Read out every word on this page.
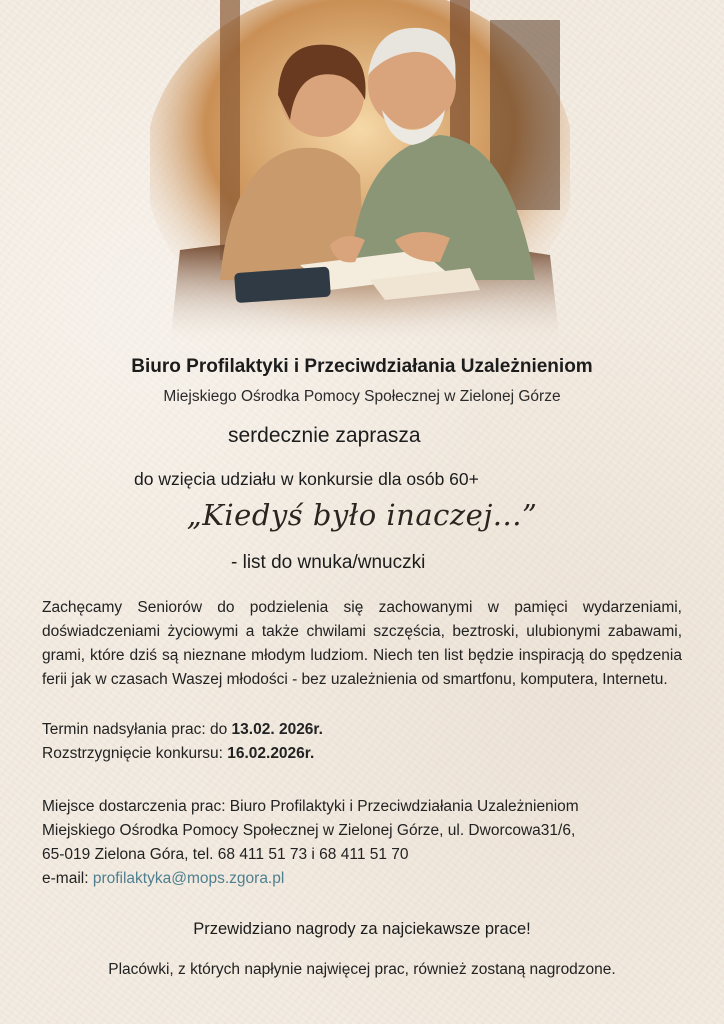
Biuro Profilaktyki i Przeciwdziałania Uzależnieniom
Miejskiego Ośrodka Pomocy Społecznej w Zielonej Górze
serdecznie zaprasza
do wzięcia udziału w konkursie dla osób 60+
„Kiedyś było inaczej...”
- list do wnuka/wnuczki
Zachęcamy Seniorów do podzielenia się zachowanymi w pamięci wydarzeniami, doświadczeniami życiowymi a także chwilami szczęścia, beztroski, ulubionymi zabawami, grami, które dziś są nieznane młodym ludziom. Niech ten list będzie inspiracją do spędzenia ferii jak w czasach Waszej młodości - bez uzależnienia od smartfonu, komputera, Internetu.
Termin nadsyłania prac: do 13.02. 2026r.
Rozstrzygnięcie konkursu: 16.02.2026r.
Miejsce dostarczenia prac: Biuro Profilaktyki i Przeciwdziałania Uzależnieniom
Miejskiego Ośrodka Pomocy Społecznej w Zielonej Górze, ul. Dworcowa31/6,
65-019 Zielona Góra, tel. 68 411 51 73 i 68 411 51 70
e-mail: profilaktyka@mops.zgora.pl
Przewidziano nagrody za najciekawsze prace!
Placówki, z których napłynie najwięcej prac, również zostaną nagrodzone.
